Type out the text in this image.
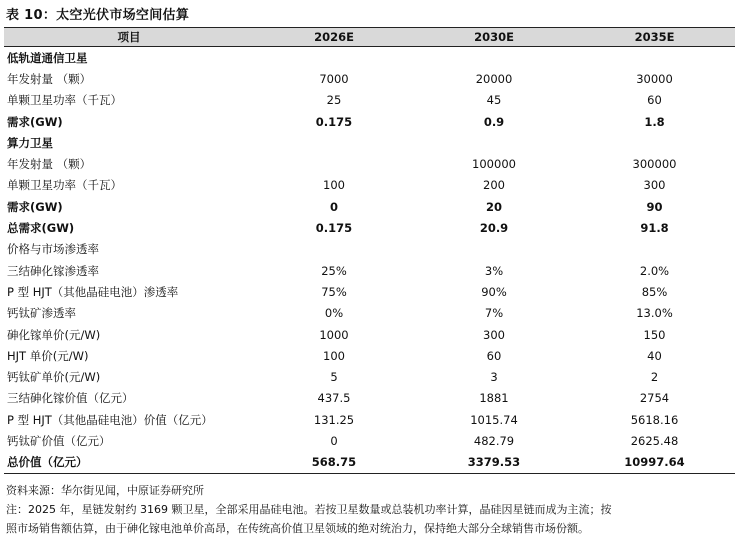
表 10：太空光伏市场空间估算
项目	2026E	2030E	2035E
低轨道通信卫星			
年发射量 （颗）	7000	20000	30000
单颗卫星功率（千瓦）	25	45	60
需求(GW)	0.175	0.9	1.8
算力卫星			
年发射量 （颗）		100000	300000
单颗卫星功率（千瓦）	100	200	300
需求(GW)	0	20	90
总需求(GW)	0.175	20.9	91.8
价格与市场渗透率			
三结砷化镓渗透率	25%	3%	2.0%
P 型 HJT（其他晶硅电池）渗透率	75%	90%	85%
钙钛矿渗透率	0%	7%	13.0%
砷化镓单价(元/W)	1000	300	150
HJT 单价(元/W)	100	60	40
钙钛矿单价(元/W)	5	3	2
三结砷化镓价值（亿元）	437.5	1881	2754
P 型 HJT（其他晶硅电池）价值（亿元）	131.25	1015.74	5618.16
钙钛矿价值（亿元）	0	482.79	2625.48
总价值（亿元）	568.75	3379.53	10997.64
资料来源：华尔街见闻，中原证券研究所
注：2025 年，星链发射约 3169 颗卫星，全部采用晶硅电池。若按卫星数量或总装机功率计算，晶硅因星链而成为主流；按
照市场销售额估算，由于砷化镓电池单价高昂，在传统高价值卫星领域的绝对统治力，保持绝大部分全球销售市场份额。
